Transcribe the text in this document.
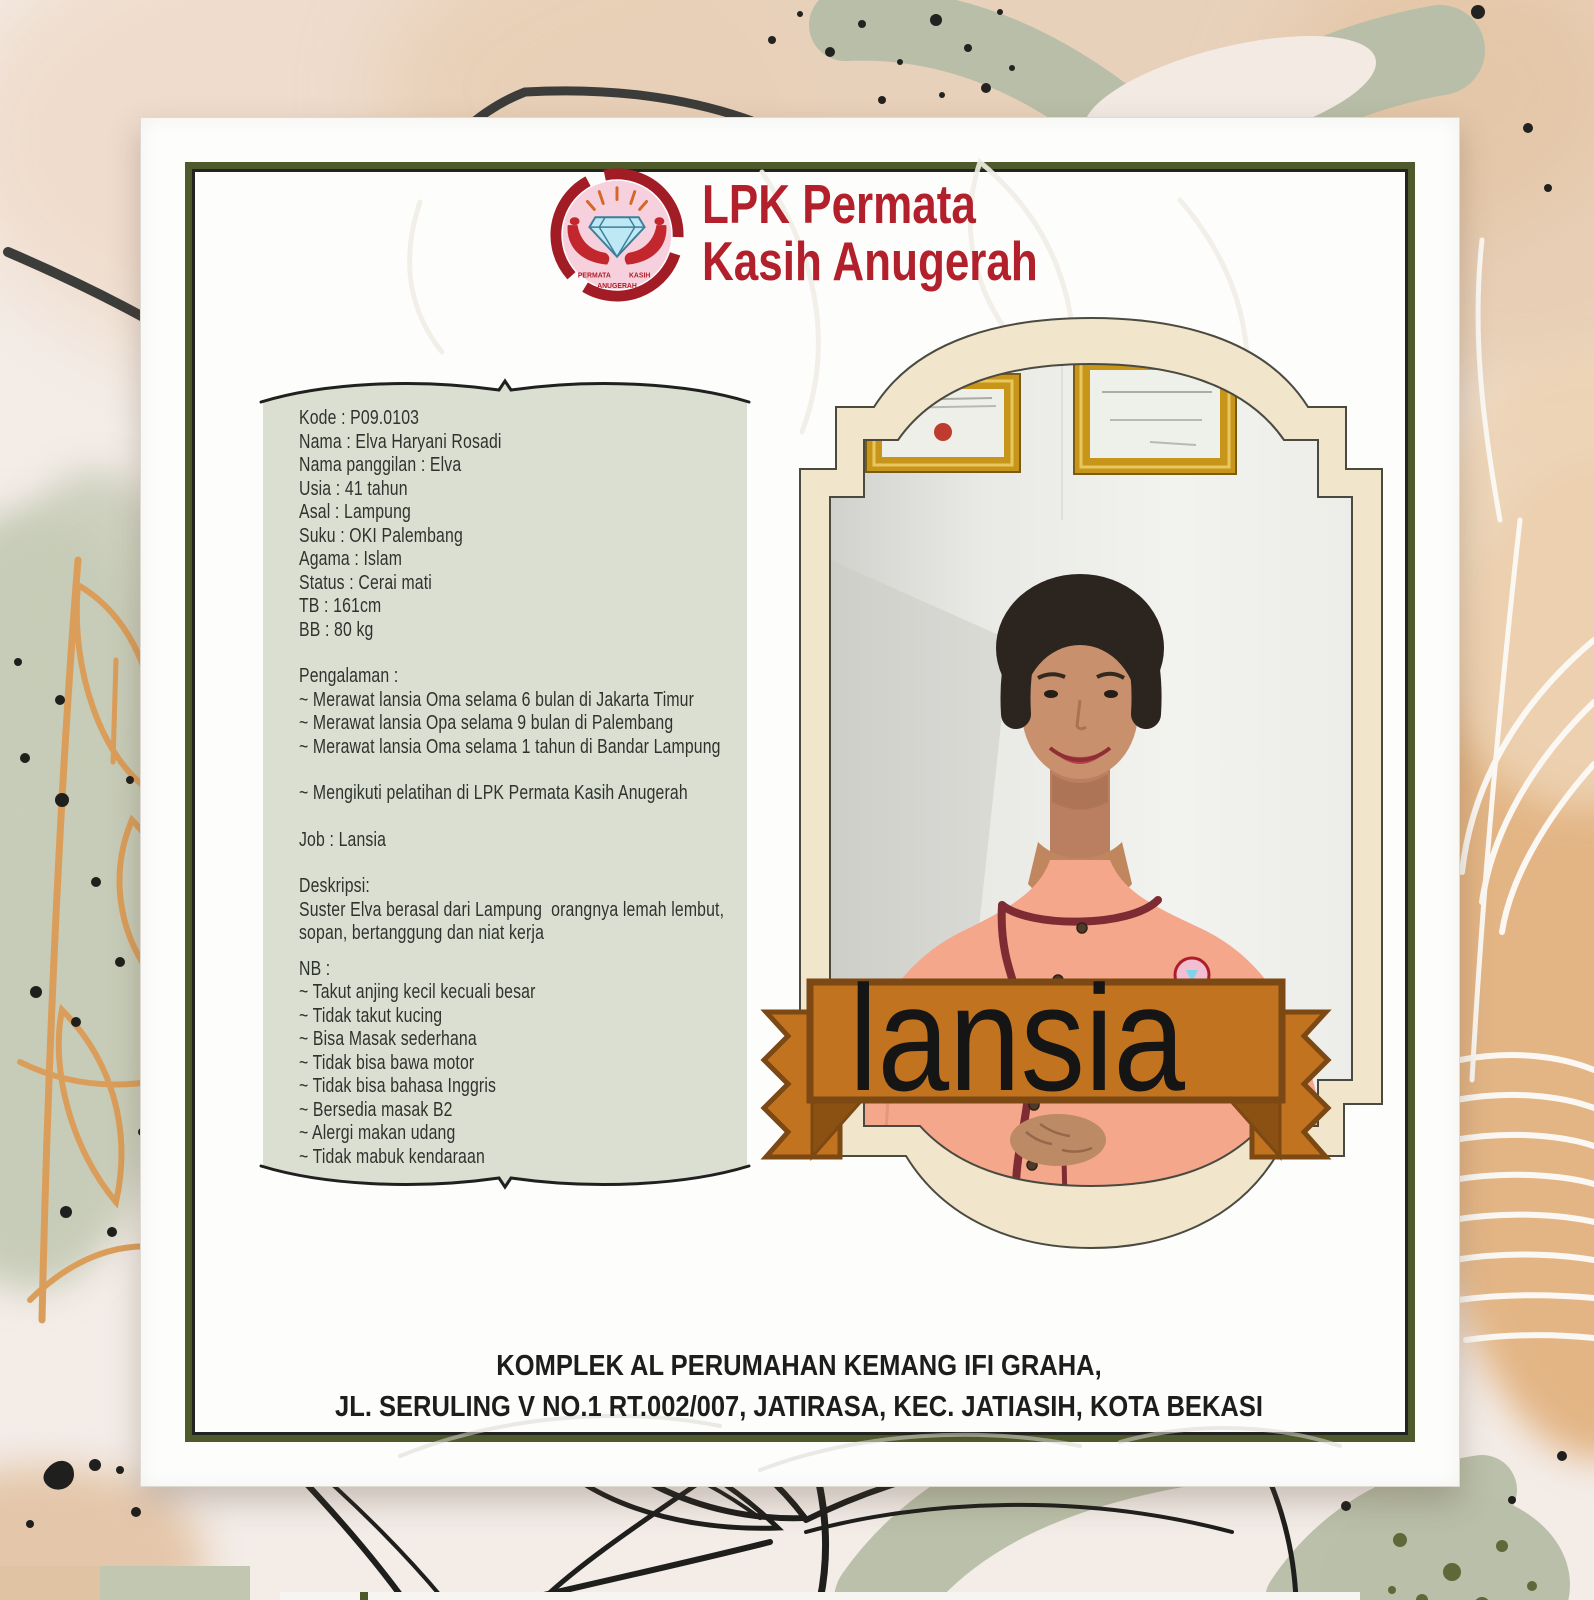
PERMATA	KASIH
ANUGERAH
LPK Permata
Kasih Anugerah
Kode : P09.0103
Nama : Elva Haryani Rosadi
Nama panggilan : Elva
Usia : 41 tahun
Asal : Lampung
Suku : OKI Palembang
Agama : Islam
Status : Cerai mati
TB : 161cm
BB : 80 kg
Pengalaman :
~ Merawat lansia Oma selama 6 bulan di Jakarta Timur
~ Merawat lansia Opa selama 9 bulan di Palembang
~ Merawat lansia Oma selama 1 tahun di Bandar Lampung
~ Mengikuti pelatihan di LPK Permata Kasih Anugerah
Job : Lansia
Deskripsi:
Suster Elva berasal dari Lampung  orangnya lemah lembut,
sopan, bertanggung dan niat kerja
NB :
~ Takut anjing kecil kecuali besar
~ Tidak takut kucing
~ Bisa Masak sederhana
~ Tidak bisa bawa motor
~ Tidak bisa bahasa Inggris
~ Bersedia masak B2
~ Alergi makan udang
~ Tidak mabuk kendaraan
lansia
KOMPLEK AL PERUMAHAN KEMANG IFI GRAHA,
JL. SERULING V NO.1 RT.002/007, JATIRASA, KEC. JATIASIH, KOTA BEKASI
